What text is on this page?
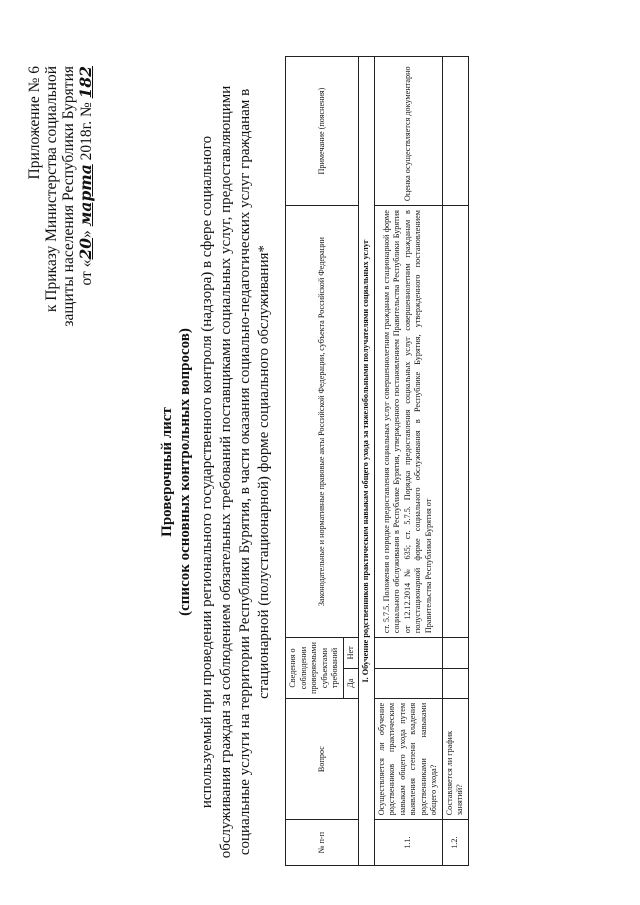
Приложение № 6 к Приказу Министерства социальной защиты населения Республики Бурятия от «20» марта 2018г. № 182
Проверочный лист (список основных контрольных вопросов) используемый при проведении регионального государственного контроля (надзора) в сфере социального обслуживания граждан за соблюдением обязательных требований поставщиками социальных услуг, предоставляющими социальные услуги на территории Республики Бурятия, в части оказания социально-педагогических услуг гражданам в стационарной (полустационарной) форме социального обслуживания*
№ п-п	Вопрос	Сведения о соблюдении проверяемыми субъектами требований		Законодательные и нормативные правовые акты Российской Федерации, субъекта Российской Федерации	Примечание (пояснения)
		Да	Нет		
I. Обучение родственников практическим навыкам общего ухода за тяжелобольными получателями социальных услуг					
1.1.	Осуществляется ли обучение родственников практическим навыкам общего ухода путем выявления степени владения родственниками навыками общего ухода?			ст. 5.7.5. Положения о порядке предоставления социальных услуг совершеннолетним гражданам в стационарной форме социального обслуживания в Республике Бурятия, утвержденного постановлением Правительства Республики Бурятия от 12.12.2014 № 635; ст. 5.7.5. Порядка предоставления социальных услуг совершеннолетним гражданам в полустационарной форме социального обслуживания в Республике Бурятия, утвержденного постановлением Правительства Республики Бурятия от	Оценка осуществляется документарно
1.2.	Составляется ли график занятий?				
